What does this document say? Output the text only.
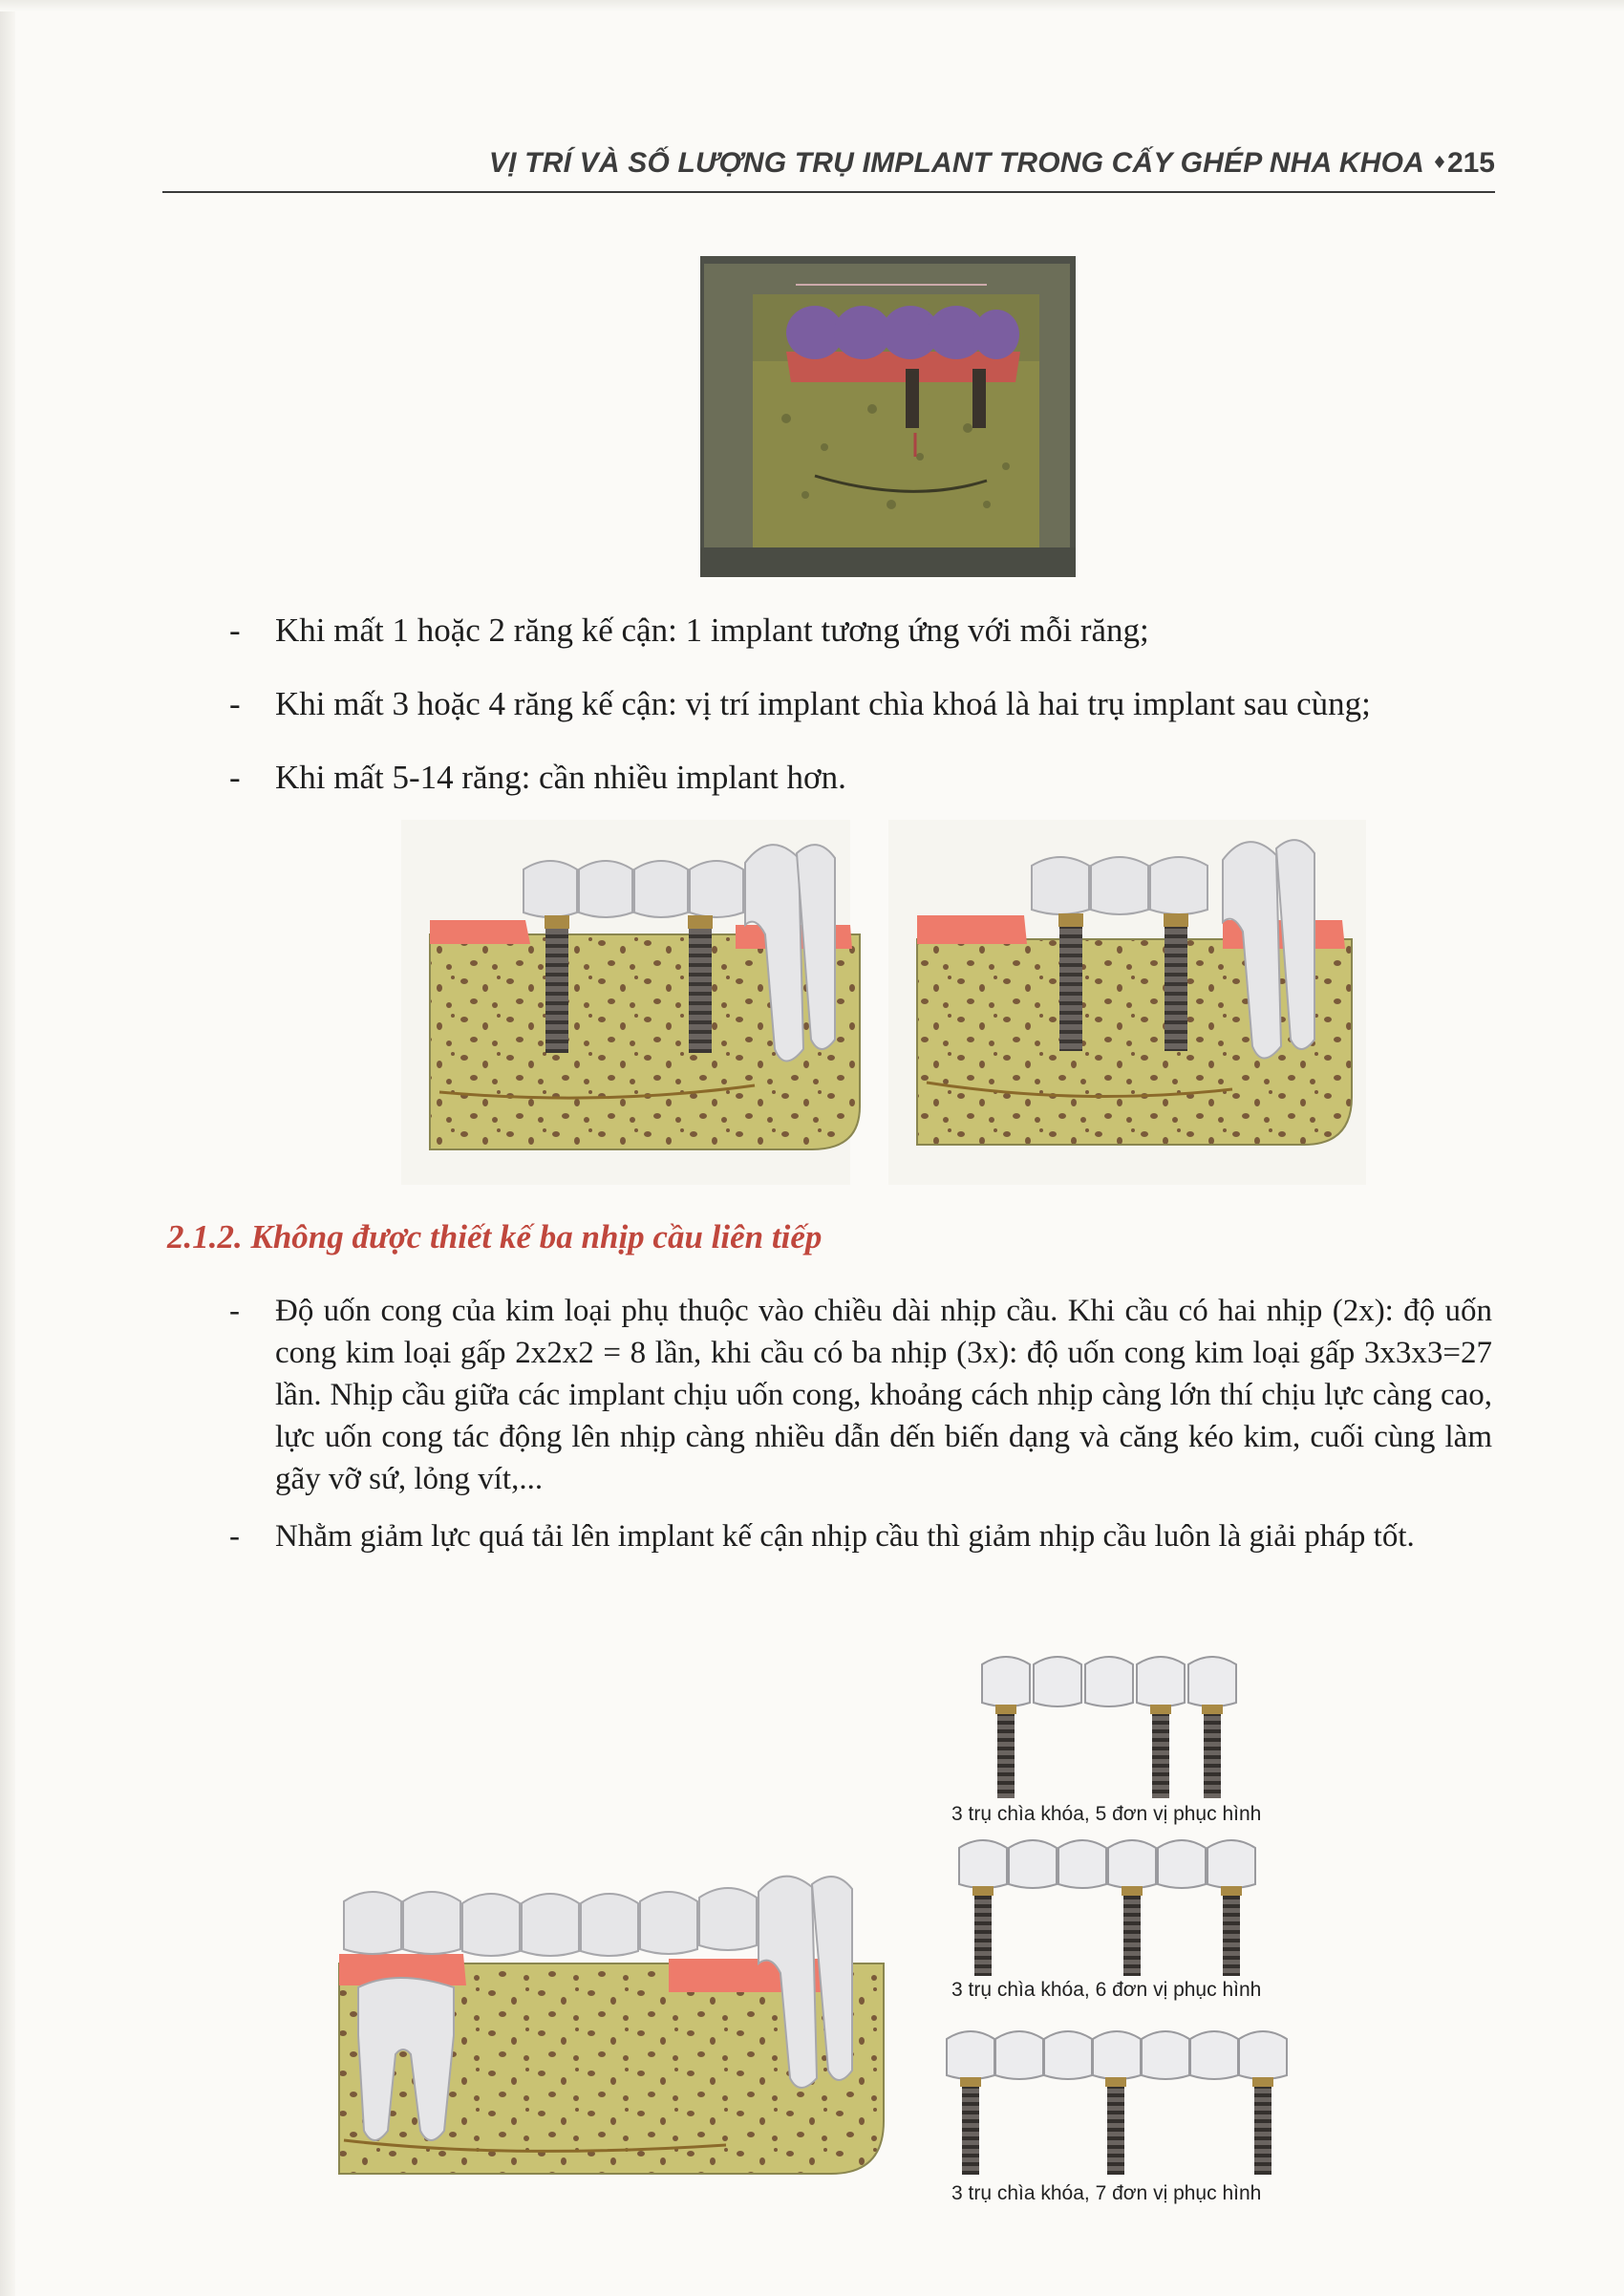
VỊ TRÍ VÀ SỐ LƯỢNG TRỤ IMPLANT TRONG CẤY GHÉP NHA KHOA ♦ 215
- Khi mất 1 hoặc 2 răng kế cận: 1 implant tương ứng với mỗi răng;
- Khi mất 3 hoặc 4 răng kế cận: vị trí implant chìa khoá là hai trụ implant sau cùng;
- Khi mất 5-14 răng: cần nhiều implant hơn.
2.1.2. Không được thiết kế ba nhịp cầu liên tiếp
- Độ uốn cong của kim loại phụ thuộc vào chiều dài nhịp cầu. Khi cầu có hai nhịp (2x): độ uốn cong kim loại gấp 2x2x2 = 8 lần, khi cầu có ba nhịp (3x): độ uốn cong kim loại gấp 3x3x3=27 lần. Nhịp cầu giữa các implant chịu uốn cong, khoảng cách nhịp càng lớn thí chịu lực càng cao, lực uốn cong tác động lên nhịp càng nhiều dẫn dến biến dạng và căng kéo kim, cuối cùng làm gãy vỡ sứ, lỏng vít,...
- Nhằm giảm lực quá tải lên implant kế cận nhịp cầu thì giảm nhịp cầu luôn là giải pháp tốt.
3 trụ chìa khóa, 5 đơn vị phục hình
3 trụ chìa khóa, 6 đơn vị phục hình
3 trụ chìa khóa, 7 đơn vị phục hình
